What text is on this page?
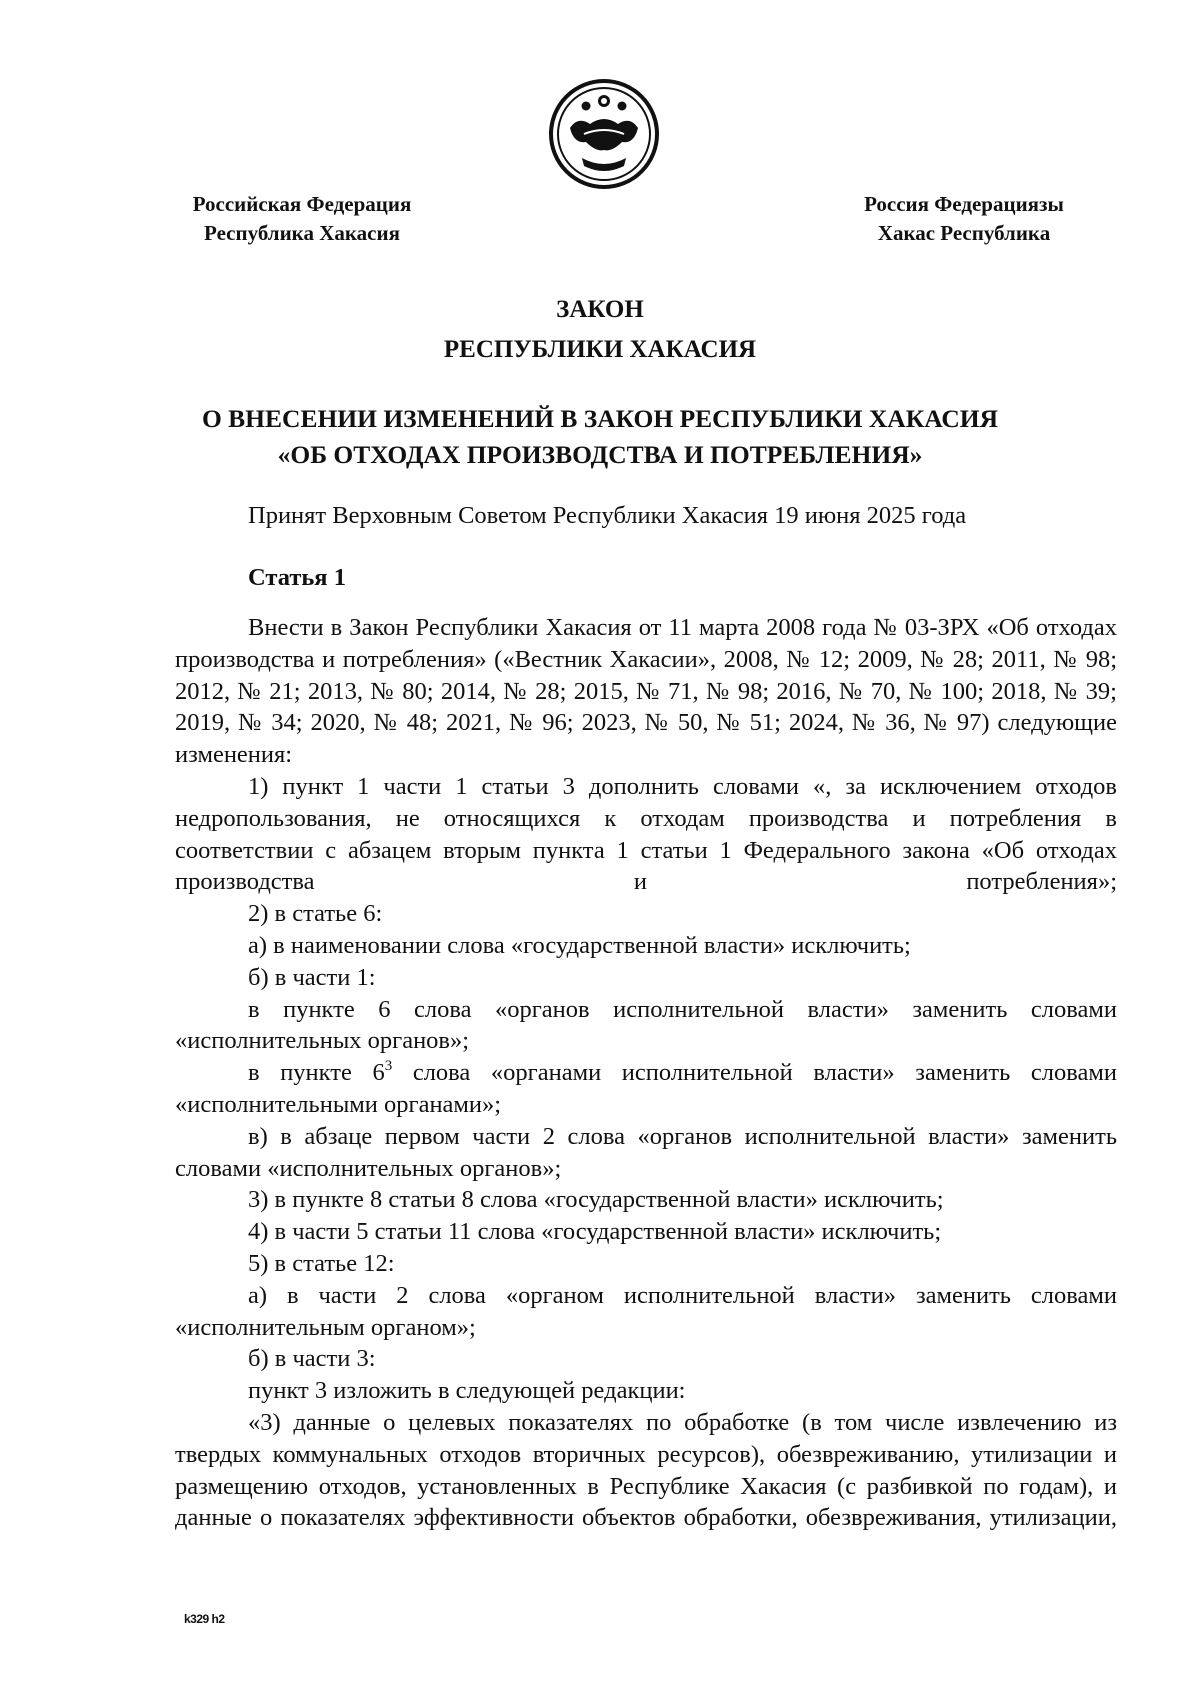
Российская Федерация
Республика Хакасия
Россия Федерациязы
Хакас Республика
ЗАКОН
РЕСПУБЛИКИ ХАКАСИЯ
О ВНЕСЕНИИ ИЗМЕНЕНИЙ В ЗАКОН РЕСПУБЛИКИ ХАКАСИЯ
«ОБ ОТХОДАХ ПРОИЗВОДСТВА И ПОТРЕБЛЕНИЯ»
Принят Верховным Советом Республики Хакасия 19 июня 2025 года
Статья 1

Внести в Закон Республики Хакасия от 11 марта 2008 года № 03-ЗРХ «Об отходах производства и потребления» («Вестник Хакасии», 2008, № 12; 2009, № 28; 2011, № 98; 2012, № 21; 2013, № 80; 2014, № 28; 2015, № 71, № 98; 2016, № 70, № 100; 2018, № 39; 2019, № 34; 2020, № 48; 2021, № 96; 2023, № 50, № 51; 2024, № 36, № 97) следующие изменения:

1) пункт 1 части 1 статьи 3 дополнить словами «, за исключением отходов недропользования, не относящихся к отходам производства и потребления в соответствии с абзацем вторым пункта 1 статьи 1 Федерального закона «Об отходах производства и потребления»;

2) в статье 6:

а) в наименовании слова «государственной власти» исключить;

б) в части 1:

в пункте 6 слова «органов исполнительной власти» заменить словами «исполнительных органов»;

в пункте $6^3$ слова «органами исполнительной власти» заменить словами «исполнительными органами»;

в) в абзаце первом части 2 слова «органов исполнительной власти» заменить словами «исполнительных органов»;

3) в пункте 8 статьи 8 слова «государственной власти» исключить;

4) в части 5 статьи 11 слова «государственной власти» исключить;

5) в статье 12:

а) в части 2 слова «органом исполнительной власти» заменить словами «исполнительным органом»;

б) в части 3:

пункт 3 изложить в следующей редакции:

«3) данные о целевых показателях по обработке (в том числе извлечению из твердых коммунальных отходов вторичных ресурсов), обезвреживанию, утилизации и размещению отходов, установленных в Республике Хакасия (с разбивкой по годам), и данные о показателях эффективности объектов обработки, обезвреживания, утилизации,

k329 h2
